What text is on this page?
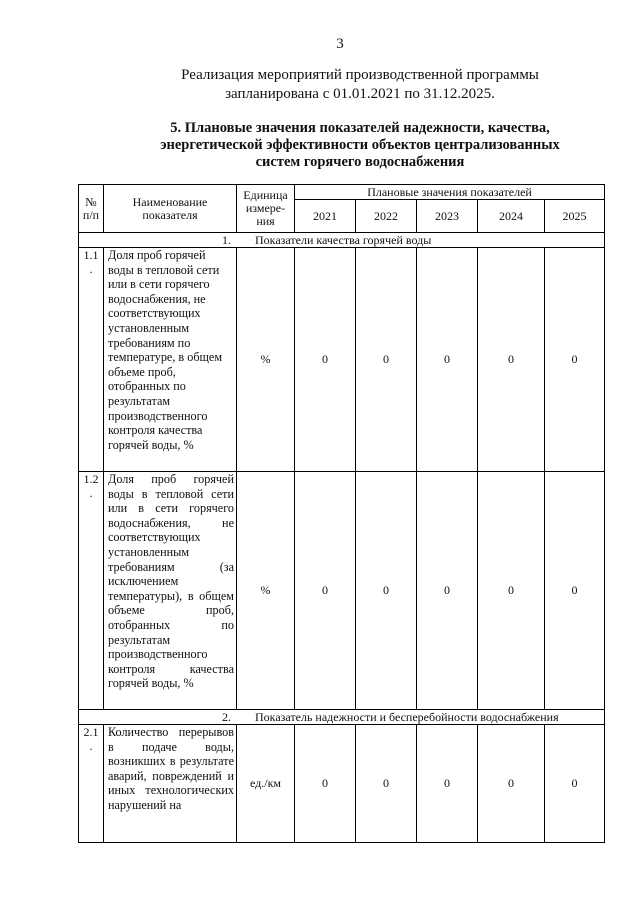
3
Реализация мероприятий производственной программы
запланирована с 01.01.2021 по 31.12.2025.
5. Плановые значения показателей надежности, качества,
энергетической эффективности объектов централизованных
систем горячего водоснабжения
№ п/п	Наименование показателя	Единица измере-ния	Плановые значения показателей				
			2021	2022	2023	2024	2025
1. Показатели качества горячей воды							
1.1 .	Доля проб горячей воды в тепловой сети или в сети горячего водоснабжения, не соответствующих установленным требованиям по температуре, в общем объеме проб, отобранных по результатам производственного контроля качества горячей воды, %	%	0	0	0	0	0
1.2 .	Доля проб горячей воды в тепловой сети или в сети горячего водоснабжения, не соответствующих установленным требованиям (за исключением температуры), в общем объеме проб, отобранных по результатам производственного контроля качества горячей воды, %	%	0	0	0	0	0
2. Показатель надежности и бесперебойности водоснабжения							
2.1 .	Количество перерывов в подаче воды, возникших в результате аварий, повреждений и иных технологических нарушений на	ед./км	0	0	0	0	0
